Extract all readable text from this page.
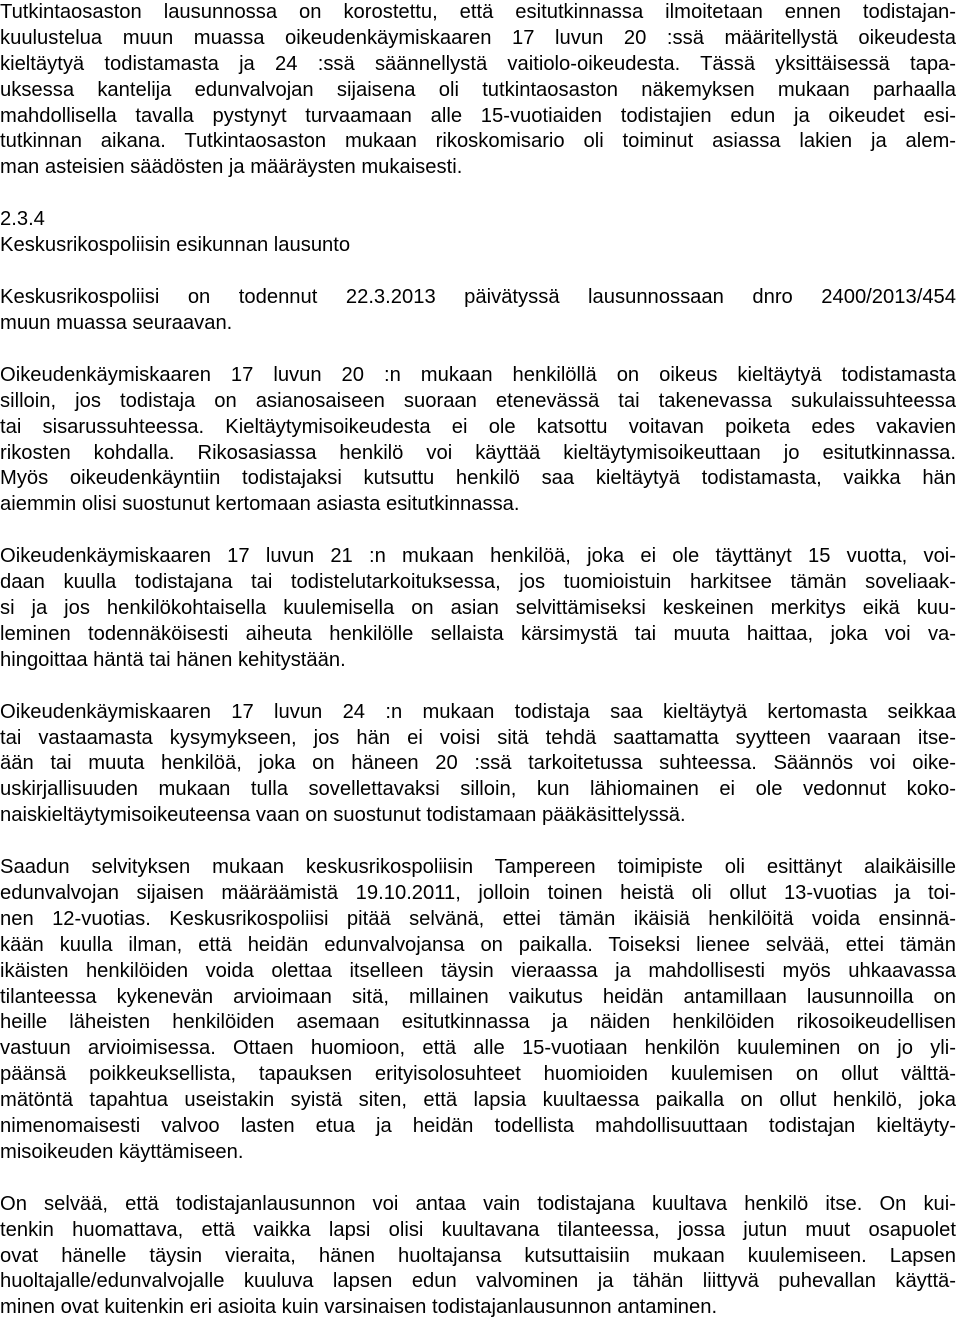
Tutkintaosaston lausunnossa on korostettu, että esitutkinnassa ilmoitetaan ennen todistajan-
kuulustelua muun muassa oikeudenkäymiskaaren 17 luvun 20 :ssä määritellystä oikeudesta
kieltäytyä todistamasta ja 24 :ssä säännellystä vaitiolo-oikeudesta. Tässä yksittäisessä tapa-
uksessa kantelija edunvalvojan sijaisena oli tutkintaosaston näkemyksen mukaan parhaalla
mahdollisella tavalla pystynyt turvaamaan alle 15-vuotiaiden todistajien edun ja oikeudet esi-
tutkinnan aikana. Tutkintaosaston mukaan rikoskomisario oli toiminut asiassa lakien ja alem-
man asteisien säädösten ja määräysten mukaisesti.
2.3.4
Keskusrikospoliisin esikunnan lausunto
Keskusrikospoliisi on todennut 22.3.2013 päivätyssä lausunnossaan dnro 2400/2013/454
muun muassa seuraavan.
Oikeudenkäymiskaaren 17 luvun 20 :n mukaan henkilöllä on oikeus kieltäytyä todistamasta
silloin, jos todistaja on asianosaiseen suoraan etenevässä tai takenevassa sukulaissuhteessa
tai sisarussuhteessa. Kieltäytymisoikeudesta ei ole katsottu voitavan poiketa edes vakavien
rikosten kohdalla. Rikosasiassa henkilö voi käyttää kieltäytymisoikeuttaan jo esitutkinnassa.
Myös oikeudenkäyntiin todistajaksi kutsuttu henkilö saa kieltäytyä todistamasta, vaikka hän
aiemmin olisi suostunut kertomaan asiasta esitutkinnassa.
Oikeudenkäymiskaaren 17 luvun 21 :n mukaan henkilöä, joka ei ole täyttänyt 15 vuotta, voi-
daan kuulla todistajana tai todistelutarkoituksessa, jos tuomioistuin harkitsee tämän soveliaak-
si ja jos henkilökohtaisella kuulemisella on asian selvittämiseksi keskeinen merkitys eikä kuu-
leminen todennäköisesti aiheuta henkilölle sellaista kärsimystä tai muuta haittaa, joka voi va-
hingoittaa häntä tai hänen kehitystään.
Oikeudenkäymiskaaren 17 luvun 24 :n mukaan todistaja saa kieltäytyä kertomasta seikkaa
tai vastaamasta kysymykseen, jos hän ei voisi sitä tehdä saattamatta syytteen vaaraan itse-
ään tai muuta henkilöä, joka on häneen 20 :ssä tarkoitetussa suhteessa. Säännös voi oike-
uskirjallisuuden mukaan tulla sovellettavaksi silloin, kun lähiomainen ei ole vedonnut koko-
naiskieltäytymisoikeuteensa vaan on suostunut todistamaan pääkäsittelyssä.
Saadun selvityksen mukaan keskusrikospoliisin Tampereen toimipiste oli esittänyt alaikäisille
edunvalvojan sijaisen määräämistä 19.10.2011, jolloin toinen heistä oli ollut 13-vuotias ja toi-
nen 12-vuotias. Keskusrikospoliisi pitää selvänä, ettei tämän ikäisiä henkilöitä voida ensinnä-
kään kuulla ilman, että heidän edunvalvojansa on paikalla. Toiseksi lienee selvää, ettei tämän
ikäisten henkilöiden voida olettaa itselleen täysin vieraassa ja mahdollisesti myös uhkaavassa
tilanteessa kykenevän arvioimaan sitä, millainen vaikutus heidän antamillaan lausunnoilla on
heille läheisten henkilöiden asemaan esitutkinnassa ja näiden henkilöiden rikosoikeudellisen
vastuun arvioimisessa. Ottaen huomioon, että alle 15-vuotiaan henkilön kuuleminen on jo yli-
päänsä poikkeuksellista, tapauksen erityisolosuhteet huomioiden kuulemisen on ollut välttä-
mätöntä tapahtua useistakin syistä siten, että lapsia kuultaessa paikalla on ollut henkilö, joka
nimenomaisesti valvoo lasten etua ja heidän todellista mahdollisuuttaan todistajan kieltäyty-
misoikeuden käyttämiseen.
On selvää, että todistajanlausunnon voi antaa vain todistajana kuultava henkilö itse. On kui-
tenkin huomattava, että vaikka lapsi olisi kuultavana tilanteessa, jossa jutun muut osapuolet
ovat hänelle täysin vieraita, hänen huoltajansa kutsuttaisiin mukaan kuulemiseen. Lapsen
huoltajalle/edunvalvojalle kuuluva lapsen edun valvominen ja tähän liittyvä puhevallan käyttä-
minen ovat kuitenkin eri asioita kuin varsinaisen todistajanlausunnon antaminen.
